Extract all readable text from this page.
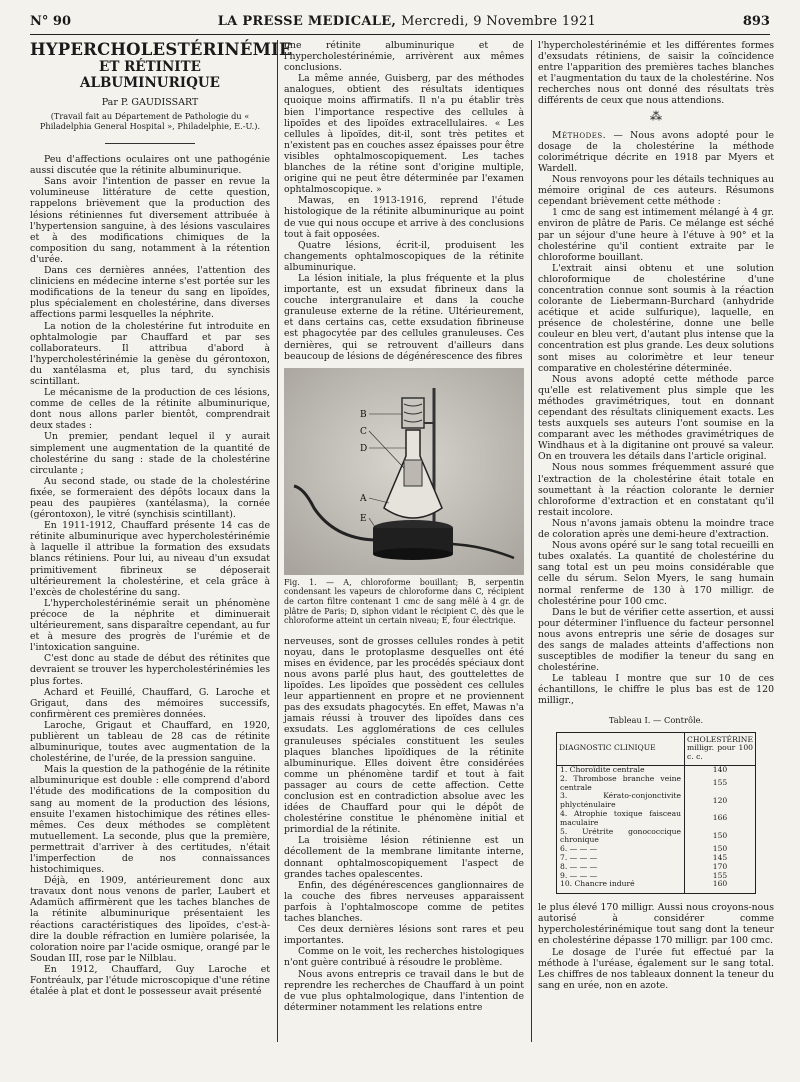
N° 90	LA PRESSE MEDICALE, Mercredi, 9 Novembre 1921	893
HYPERCHOLESTÉRINÉMIE
ET RÉTINITE ALBUMINURIQUE
Par P. GAUDISSART
(Travail fait au Département de Pathologie du « Philadelphia General Hospital », Philadelphie, E.-U.).

Peu d'affections oculaires ont une pathogénie aussi discutée que la rétinite albuminurique.

Sans avoir l'intention de passer en revue la volumineuse littérature de cette question, rappelons brièvement que la production des lésions rétiniennes fut diversement attribuée à l'hypertension sanguine, à des lésions vasculaires et à des modifications chimiques de la composition du sang, notamment à la rétention d'urée.

Dans ces dernières années, l'attention des cliniciens en médecine interne s'est portée sur les modifications de la teneur du sang en lipoïdes, plus spécialement en cholestérine, dans diverses affections parmi lesquelles la néphrite.

La notion de la cholestérine fut introduite en ophtalmologie par Chauffard et par ses collaborateurs. Il attribua d'abord à l'hypercholestérinémie la genèse du gérontoxon, du xantélasma et, plus tard, du synchisis scintillant.

Le mécanisme de la production de ces lésions, comme de celles de la rétinite albuminurique, dont nous allons parler bientôt, comprendrait deux stades :

Un premier, pendant lequel il y aurait simplement une augmentation de la quantité de cholestérine du sang : stade de la cholestérine circulante ;

Au second stade, ou stade de la cholestérine fixée, se formeraient des dépôts locaux dans la peau des paupières (xantélasma), la cornée (gérontoxon), le vitré (synchisis scintillant).

En 1911-1912, Chauffard présente 14 cas de rétinite albuminurique avec hypercholestérinémie à laquelle il attribue la formation des exsudats blancs rétiniens. Pour lui, au niveau d'un exsudat primitivement fibrineux se déposerait ultérieurement la cholestérine, et cela grâce à l'excès de cholestérine du sang.

L'hypercholestérinémie serait un phénomène précoce de la néphrite et diminuerait ultérieurement, sans disparaître cependant, au fur et à mesure des progrès de l'urémie et de l'intoxication sanguine.

C'est donc au stade de début des rétinites que devraient se trouver les hypercholestérinémies les plus fortes.

Achard et Feuillé, Chauffard, G. Laroche et Grigaut, dans des mémoires successifs, confirmèrent ces premières données.

Laroche, Grigaut et Chauffard, en 1920, publièrent un tableau de 28 cas de rétinite albuminurique, toutes avec augmentation de la cholestérine, de l'urée, de la pression sanguine.

Mais la question de la pathogénie de la rétinite albuminurique est double : elle comprend d'abord l'étude des modifications de la composition du sang au moment de la production des lésions, ensuite l'examen histochimique des rétines elles-mêmes. Ces deux méthodes se complètent mutuellement. La seconde, plus que la première, permettrait d'arriver à des certitudes, n'était l'imperfection de nos connaissances histochimiques.

Déjà, en 1909, antérieurement donc aux travaux dont nous venons de parler, Laubert et Adamüch affirmèrent que les taches blanches de la rétinite albuminurique présentaient les réactions caractéristiques des lipoïdes, c'est-à-dire la double réfraction en lumière polarisée, la coloration noire par l'acide osmique, orangé par le Soudan III, rose par le Nilblau.

En 1912, Chauffard, Guy Laroche et Fontréaulx, par l'étude microscopique d'une rétine étalée à plat et dont le possesseur avait présenté

une rétinite albuminurique et de l'hypercholestérinémie, arrivèrent aux mêmes conclusions.

La même année, Guisberg, par des méthodes analogues, obtient des résultats identiques quoique moins affirmatifs. Il n'a pu établir très bien l'importance respective des cellules à lipoïdes et des lipoïdes extracellulaires. « Les cellules à lipoïdes, dit-il, sont très petites et n'existent pas en couches assez épaisses pour être visibles ophtalmoscopiquement. Les taches blanches de la rétine sont d'origine multiple, origine qui ne peut être déterminée par l'examen ophtalmoscopique. »

Mawas, en 1913-1916, reprend l'étude histologique de la rétinite albuminurique au point de vue qui nous occupe et arrive à des conclusions tout à fait opposées.

Quatre lésions, écrit-il, produisent les changements ophtalmoscopiques de la rétinite albuminurique.

La lésion initiale, la plus fréquente et la plus importante, est un exsudat fibrineux dans la couche intergranulaire et dans la couche granuleuse externe de la rétine. Ultérieurement, et dans certains cas, cette exsudation fibrineuse est phagocytée par des cellules granuleuses. Ces dernières, qui se retrouvent d'ailleurs dans beaucoup de lésions de dégénérescence des fibres

B
C
D
A
E
Fig. 1. — A, chloroforme bouillant; B, serpentin condensant les vapeurs de chloroforme dans C, récipient de carton filtre contenant 1 cmc de sang mêlé à 4 gr. de plâtre de Paris; D, siphon vidant le récipient C, dès que le chloroforme atteint un certain niveau; E, four électrique.

nerveuses, sont de grosses cellules rondes à petit noyau, dans le protoplasme desquelles ont été mises en évidence, par les procédés spéciaux dont nous avons parlé plus haut, des gouttelettes de lipoïdes. Les lipoïdes que possèdent ces cellules leur appartiennent en propre et ne proviennent pas des exsudats phagocytés. En effet, Mawas n'a jamais réussi à trouver des lipoïdes dans ces exsudats. Les agglomérations de ces cellules granuleuses spéciales constituent les seules plaques blanches lipoïdiques de la rétinite albuminurique. Elles doivent être considérées comme un phénomène tardif et tout à fait passager au cours de cette affection. Cette conclusion est en contradiction absolue avec les idées de Chauffard pour qui le dépôt de cholestérine constitue le phénomène initial et primordial de la rétinite.

La troisième lésion rétinienne est un décollement de la membrane limitante interne, donnant ophtalmoscopiquement l'aspect de grandes taches opalescentes.

Enfin, des dégénérescences ganglionnaires de la couche des fibres nerveuses apparaissent parfois à l'ophtalmoscope comme de petites taches blanches.

Ces deux dernières lésions sont rares et peu importantes.

Comme on le voit, les recherches histologiques n'ont guère contribué à résoudre le problème.

Nous avons entrepris ce travail dans le but de reprendre les recherches de Chauffard à un point de vue plus ophtalmologique, dans l'intention de déterminer notamment les relations entre

l'hypercholestérinémie et les différentes formes d'exsudats rétiniens, de saisir la coïncidence entre l'apparition des premières taches blanches et l'augmentation du taux de la cholestérine. Nos recherches nous ont donné des résultats très différents de ceux que nous attendions.

⁂

Méthodes. — Nous avons adopté pour le dosage de la cholestérine la méthode colorimétrique décrite en 1918 par Myers et Wardell.

Nous renvoyons pour les détails techniques au mémoire original de ces auteurs. Résumons cependant brièvement cette méthode :

1 cmc de sang est intimement mélangé à 4 gr. environ de plâtre de Paris. Ce mélange est séché par un séjour d'une heure à l'étuve à 90° et la cholestérine qu'il contient extraite par le chloroforme bouillant.

L'extrait ainsi obtenu et une solution chloroformique de cholestérine d'une concentration connue sont soumis à la réaction colorante de Liebermann-Burchard (anhydride acétique et acide sulfurique), laquelle, en présence de cholestérine, donne une belle couleur en bleu vert, d'autant plus intense que la concentration est plus grande. Les deux solutions sont mises au colorimètre et leur teneur comparative en cholestérine déterminée.

Nous avons adopté cette méthode parce qu'elle est relativement plus simple que les méthodes gravimétriques, tout en donnant cependant des résultats cliniquement exacts. Les tests auxquels ses auteurs l'ont soumise en la comparant avec les méthodes gravimétriques de Windhaus et à la digitanine ont prouvé sa valeur. On en trouvera les détails dans l'article original.

Nous nous sommes fréquemment assuré que l'extraction de la cholestérine était totale en soumettant à la réaction colorante le dernier chloroforme d'extraction et en constatant qu'il restait incolore.

Nous n'avons jamais obtenu la moindre trace de coloration après une demi-heure d'extraction.

Nous avons opéré sur le sang total recueilli en tubes oxalatés. La quantité de cholestérine du sang total est un peu moins considérable que celle du sérum. Selon Myers, le sang humain normal renferme de 130 à 170 milligr. de cholestérine pour 100 cmc.

Dans le but de vérifier cette assertion, et aussi pour déterminer l'influence du facteur personnel nous avons entrepris une série de dosages sur des sangs de malades atteints d'affections non susceptibles de modifier la teneur du sang en cholestérine.

Le tableau I montre que sur 10 de ces échantillons, le chiffre le plus bas est de 120 milligr.,

Tableau I. — Contrôle.
DIAGNOSTIC CLINIQUE	CHOLESTÉRINE milligr. pour 100 c. c.
1. Choroïdite centrale	140
2. Thrombose branche veine centrale	155
3. Kérato-conjonctivite phlycténulaire	120
4. Atrophie toxique faisceau maculaire	166
5. Urétrite gonococcique chronique	150
6. — — —	150
7. — — —	145
8. — — —	170
9. — — —	155
10. Chancre induré	160

le plus élevé 170 milligr. Aussi nous croyons-nous autorisé à considérer comme hypercholestérinémique tout sang dont la teneur en cholestérine dépasse 170 milligr. par 100 cmc.

Le dosage de l'urée fut effectué par la méthode à l'uréase, également sur le sang total. Les chiffres de nos tableaux donnent la teneur du sang en urée, non en azote.
